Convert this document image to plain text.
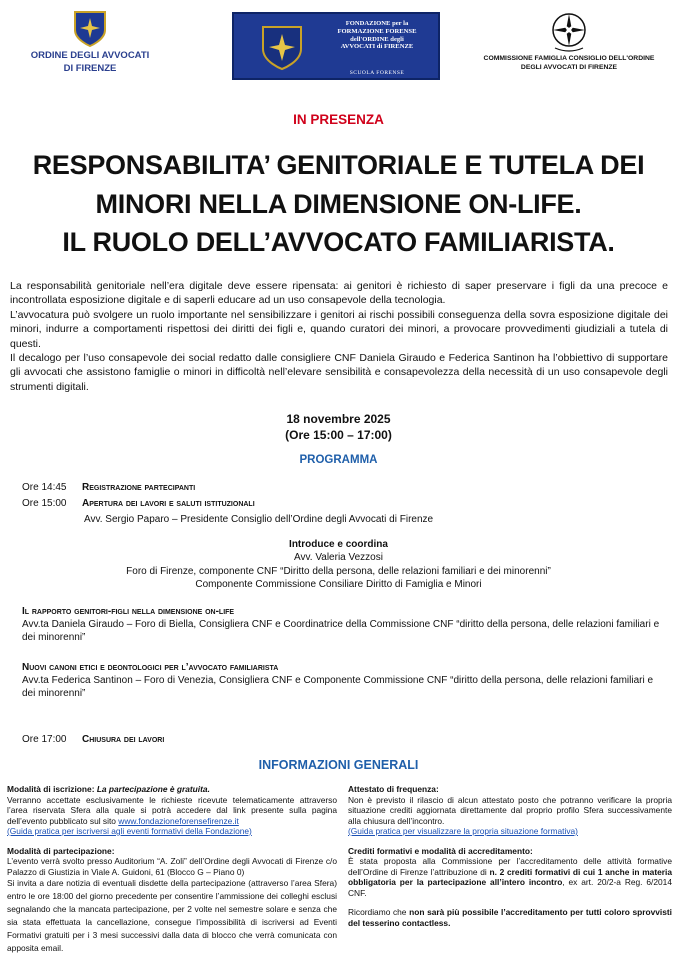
ORDINE DEGLI AVVOCATI
DI FIRENZE
FONDAZIONE per la
FORMAZIONE FORENSE
dell'ORDINE degli
AVVOCATI di FIRENZE
SCUOLA FORENSE
COMMISSIONE FAMIGLIA CONSIGLIO DELL'ORDINE
DEGLI AVVOCATI DI FIRENZE
IN PRESENZA
RESPONSABILITA’ GENITORIALE E TUTELA DEI
MINORI NELLA DIMENSIONE ON-LIFE.
IL RUOLO DELL’AVVOCATO FAMILIARISTA.
La responsabilità genitoriale nell’era digitale deve essere ripensata: ai genitori è richiesto di saper preservare i figli da una precoce e incontrollata esposizione digitale e di saperli educare ad un uso consapevole della tecnologia.
L’avvocatura può svolgere un ruolo importante nel sensibilizzare i genitori ai rischi possibili conseguenza della sovra esposizione digitale dei minori, indurre a comportamenti rispettosi dei diritti dei figli e, quando curatori dei minori, a provocare provvedimenti giudiziali a tutela di questi.
Il decalogo per l’uso consapevole dei social redatto dalle consigliere CNF Daniela Giraudo e Federica Santinon ha l’obbiettivo di supportare gli avvocati che assistono famiglie o minori in difficoltà nell’elevare sensibilità e consapevolezza della necessità di un uso consapevole degli strumenti digitali.
18 novembre 2025
(Ore 15:00 – 17:00)
PROGRAMMA
Ore 14:45 Registrazione partecipanti
Ore 15:00 Apertura dei lavori e saluti istituzionali
Avv. Sergio Paparo – Presidente Consiglio dell’Ordine degli Avvocati di Firenze
Introduce e coordina
Avv. Valeria Vezzosi
Foro di Firenze, componente CNF “Diritto della persona, delle relazioni familiari e dei minorenni”
Componente Commissione Consiliare Diritto di Famiglia e Minori
Il rapporto genitori-figli nella dimensione on-life
Avv.ta Daniela Giraudo – Foro di Biella, Consigliera CNF e Coordinatrice della Commissione CNF “diritto della persona, delle relazioni familiari e dei minorenni”
Nuovi canoni etici e deontologici per l’avvocato familiarista
Avv.ta Federica Santinon – Foro di Venezia, Consigliera CNF e Componente Commissione CNF “diritto della persona, delle relazioni familiari e dei minorenni”
Ore 17:00 Chiusura dei lavori
INFORMAZIONI GENERALI
Modalità di iscrizione: La partecipazione è gratuita.
Verranno accettate esclusivamente le richieste ricevute telematicamente attraverso l’area riservata Sfera alla quale si potrà accedere dal link presente sulla pagina dell’evento pubblicato sul sito www.fondazioneforensefirenze.it
(Guida pratica per iscriversi agli eventi formativi della Fondazione)
Modalità di partecipazione:
L’evento verrà svolto presso Auditorium “A. Zoli” dell’Ordine degli Avvocati di Firenze c/o Palazzo di Giustizia in Viale A. Guidoni, 61 (Blocco G – Piano 0)
Si invita a dare notizia di eventuali disdette della partecipazione (attraverso l’area Sfera) entro le ore 18:00 del giorno precedente per consentire l’ammissione dei colleghi esclusi segnalando che la mancata partecipazione, per 2 volte nel semestre solare e senza che sia stata effettuata la cancellazione, consegue l’impossibilità di iscriversi ad Eventi Formativi gratuiti per i 3 mesi successivi dalla data di blocco che verrà comunicata con apposita email.
Attestato di frequenza:
Non è previsto il rilascio di alcun attestato posto che potranno verificare la propria situazione crediti aggiornata direttamente dal proprio profilo Sfera successivamente alla chiusura dell’incontro.
(Guida pratica per visualizzare la propria situazione formativa)
Crediti formativi e modalità di accreditamento:
È stata proposta alla Commissione per l’accreditamento delle attività formative dell’Ordine di Firenze l’attribuzione di n. 2 crediti formativi di cui 1 anche in materia obbligatoria per la partecipazione all’intero incontro, ex art. 20/2-a Reg. 6/2014 CNF.
Ricordiamo che non sarà più possibile l’accreditamento per tutti coloro sprovvisti del tesserino contactless.
